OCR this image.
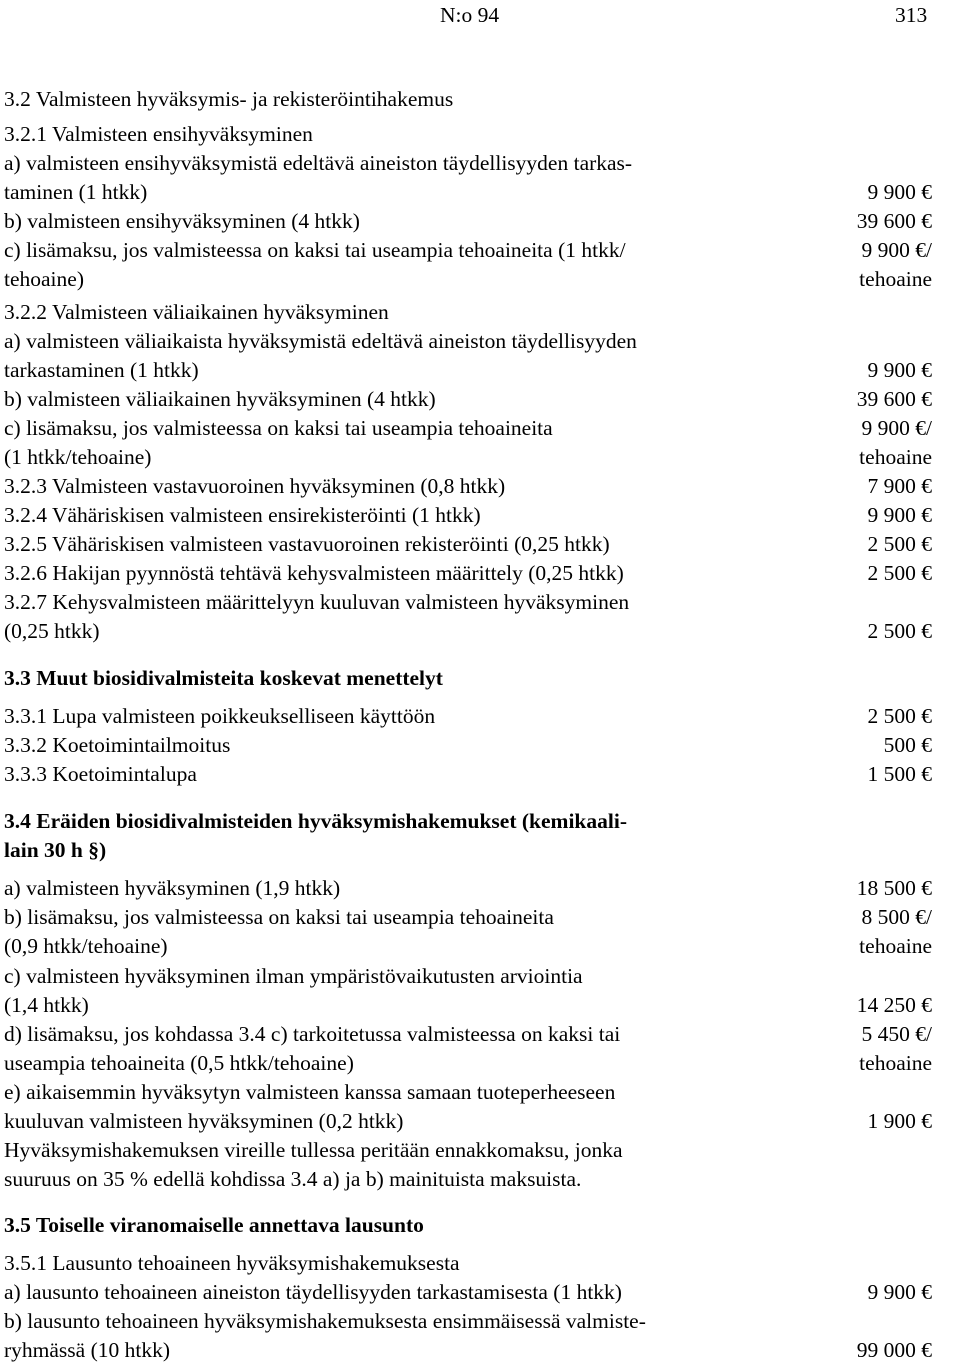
N:o 94	313
3.2 Valmisteen hyväksymis- ja rekisteröintihakemus
3.2.1 Valmisteen ensihyväksyminen
a) valmisteen ensihyväksymistä edeltävä aineiston täydellisyyden tarkas-
taminen (1 htkk)	9 900 €
b) valmisteen ensihyväksyminen (4 htkk)	39 600 €
c) lisämaksu, jos valmisteessa on kaksi tai useampia tehoaineita (1 htkk/	9 900 €/
tehoaine)	tehoaine
3.2.2 Valmisteen väliaikainen hyväksyminen
a) valmisteen väliaikaista hyväksymistä edeltävä aineiston täydellisyyden
tarkastaminen (1 htkk)	9 900 €
b) valmisteen väliaikainen hyväksyminen (4 htkk)	39 600 €
c) lisämaksu, jos valmisteessa on kaksi tai useampia tehoaineita	9 900 €/
(1 htkk/tehoaine)	tehoaine
3.2.3 Valmisteen vastavuoroinen hyväksyminen (0,8 htkk)	7 900 €
3.2.4 Vähäriskisen valmisteen ensirekisteröinti (1 htkk)	9 900 €
3.2.5 Vähäriskisen valmisteen vastavuoroinen rekisteröinti (0,25 htkk)	2 500 €
3.2.6 Hakijan pyynnöstä tehtävä kehysvalmisteen määrittely (0,25 htkk)	2 500 €
3.2.7 Kehysvalmisteen määrittelyyn kuuluvan valmisteen hyväksyminen
(0,25 htkk)	2 500 €
3.3 Muut biosidivalmisteita koskevat menettelyt
3.3.1 Lupa valmisteen poikkeukselliseen käyttöön	2 500 €
3.3.2 Koetoimintailmoitus	500 €
3.3.3 Koetoimintalupa	1 500 €
3.4 Eräiden biosidivalmisteiden hyväksymishakemukset (kemikaali-
lain 30 h §)
a) valmisteen hyväksyminen (1,9 htkk)	18 500 €
b) lisämaksu, jos valmisteessa on kaksi tai useampia tehoaineita	8 500 €/
(0,9 htkk/tehoaine)	tehoaine
c) valmisteen hyväksyminen ilman ympäristövaikutusten arviointia
(1,4 htkk)	14 250 €
d) lisämaksu, jos kohdassa 3.4 c) tarkoitetussa valmisteessa on kaksi tai	5 450 €/
useampia tehoaineita (0,5 htkk/tehoaine)	tehoaine
e) aikaisemmin hyväksytyn valmisteen kanssa samaan tuoteperheeseen
kuuluvan valmisteen hyväksyminen (0,2 htkk)	1 900 €
Hyväksymishakemuksen vireille tullessa peritään ennakkomaksu, jonka
suuruus on 35 % edellä kohdissa 3.4 a) ja b) mainituista maksuista.
3.5 Toiselle viranomaiselle annettava lausunto
3.5.1 Lausunto tehoaineen hyväksymishakemuksesta
a) lausunto tehoaineen aineiston täydellisyyden tarkastamisesta (1 htkk)	9 900 €
b) lausunto tehoaineen hyväksymishakemuksesta ensimmäisessä valmiste-
ryhmässä (10 htkk)	99 000 €
